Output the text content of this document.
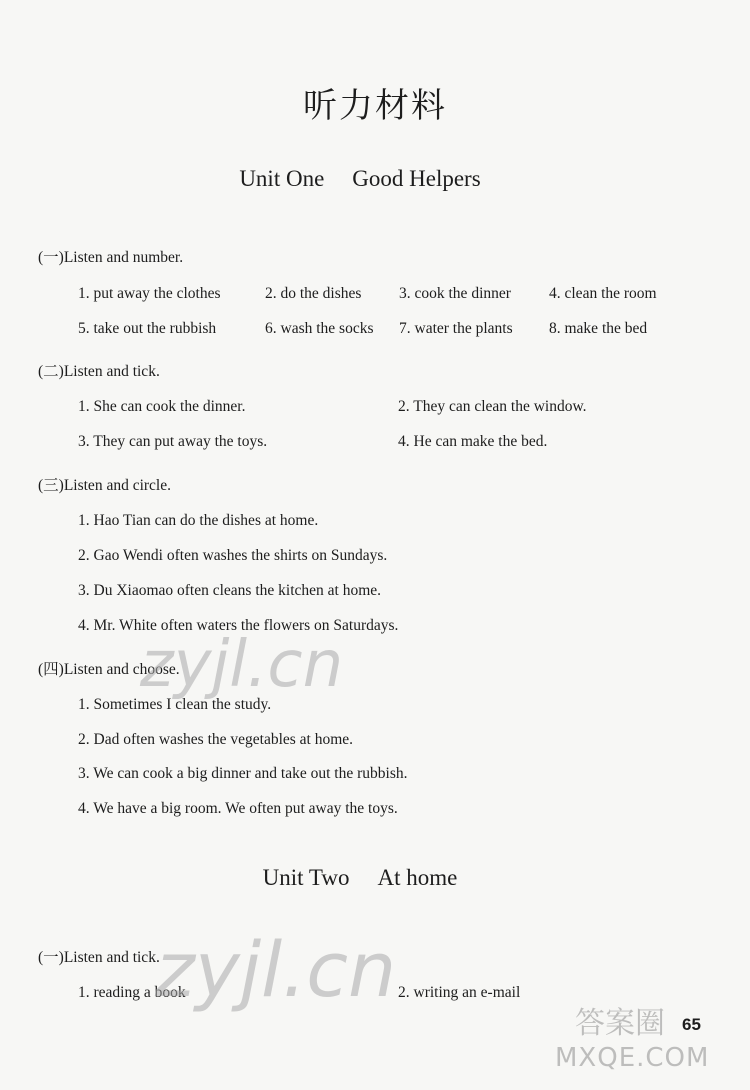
听力材料
Unit One Good Helpers
(一)Listen and number.
1. put away the clothes	2. do the dishes 3. cook the dinner 4. clean the room
5. take out the rubbish	6. wash the socks 7. water the plants 8. make the bed
(二)Listen and tick.
1. She can cook the dinner.	2. They can clean the window.
3. They can put away the toys.	4. He can make the bed.
(三)Listen and circle.
1. Hao Tian can do the dishes at home.
2. Gao Wendi often washes the shirts on Sundays.
3. Du Xiaomao often cleans the kitchen at home.
4. Mr. White often waters the flowers on Saturdays.
(四)Listen and choose.
1. Sometimes I clean the study.
2. Dad often washes the vegetables at home.
3. We can cook a big dinner and take out the rubbish.
4. We have a big room. We often put away the toys.
Unit Two At home
(一)Listen and tick.
1. reading a book	2. writing an e-mail
zyjl.cn
zyjl.cn
答案圈
MXQE.COM
65
